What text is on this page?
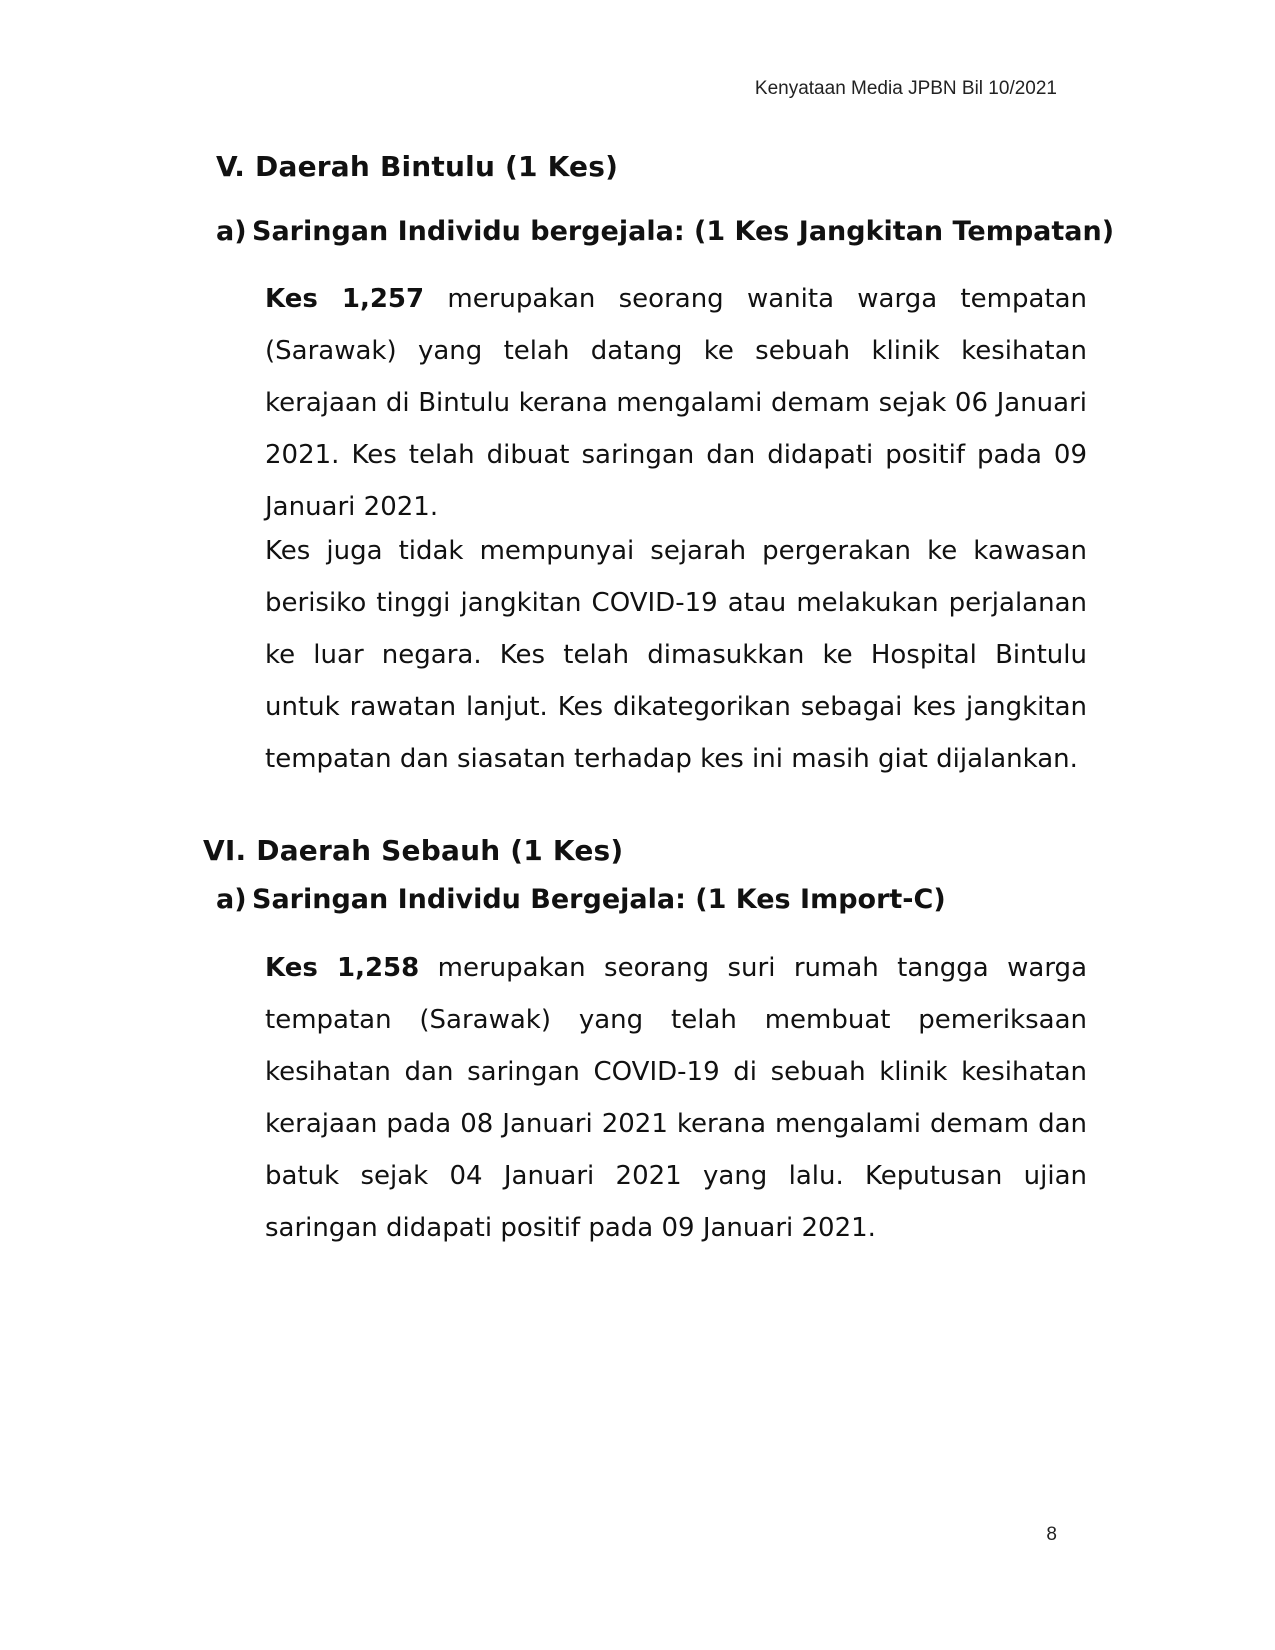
Kenyataan Media JPBN Bil 10/2021
V. Daerah Bintulu (1 Kes)
a) Saringan Individu bergejala: (1 Kes Jangkitan Tempatan)

Kes 1,257 merupakan seorang wanita warga tempatan (Sarawak) yang telah datang ke sebuah klinik kesihatan kerajaan di Bintulu kerana mengalami demam sejak 06 Januari 2021. Kes telah dibuat saringan dan didapati positif pada 09 Januari 2021.

Kes juga tidak mempunyai sejarah pergerakan ke kawasan berisiko tinggi jangkitan COVID-19 atau melakukan perjalanan ke luar negara. Kes telah dimasukkan ke Hospital Bintulu untuk rawatan lanjut. Kes dikategorikan sebagai kes jangkitan tempatan dan siasatan terhadap kes ini masih giat dijalankan.

VI. Daerah Sebauh (1 Kes)
a) Saringan Individu Bergejala: (1 Kes Import-C)

Kes 1,258 merupakan seorang suri rumah tangga warga tempatan (Sarawak) yang telah membuat pemeriksaan kesihatan dan saringan COVID-19 di sebuah klinik kesihatan kerajaan pada 08 Januari 2021 kerana mengalami demam dan batuk sejak 04 Januari 2021 yang lalu. Keputusan ujian saringan didapati positif pada 09 Januari 2021.

8
